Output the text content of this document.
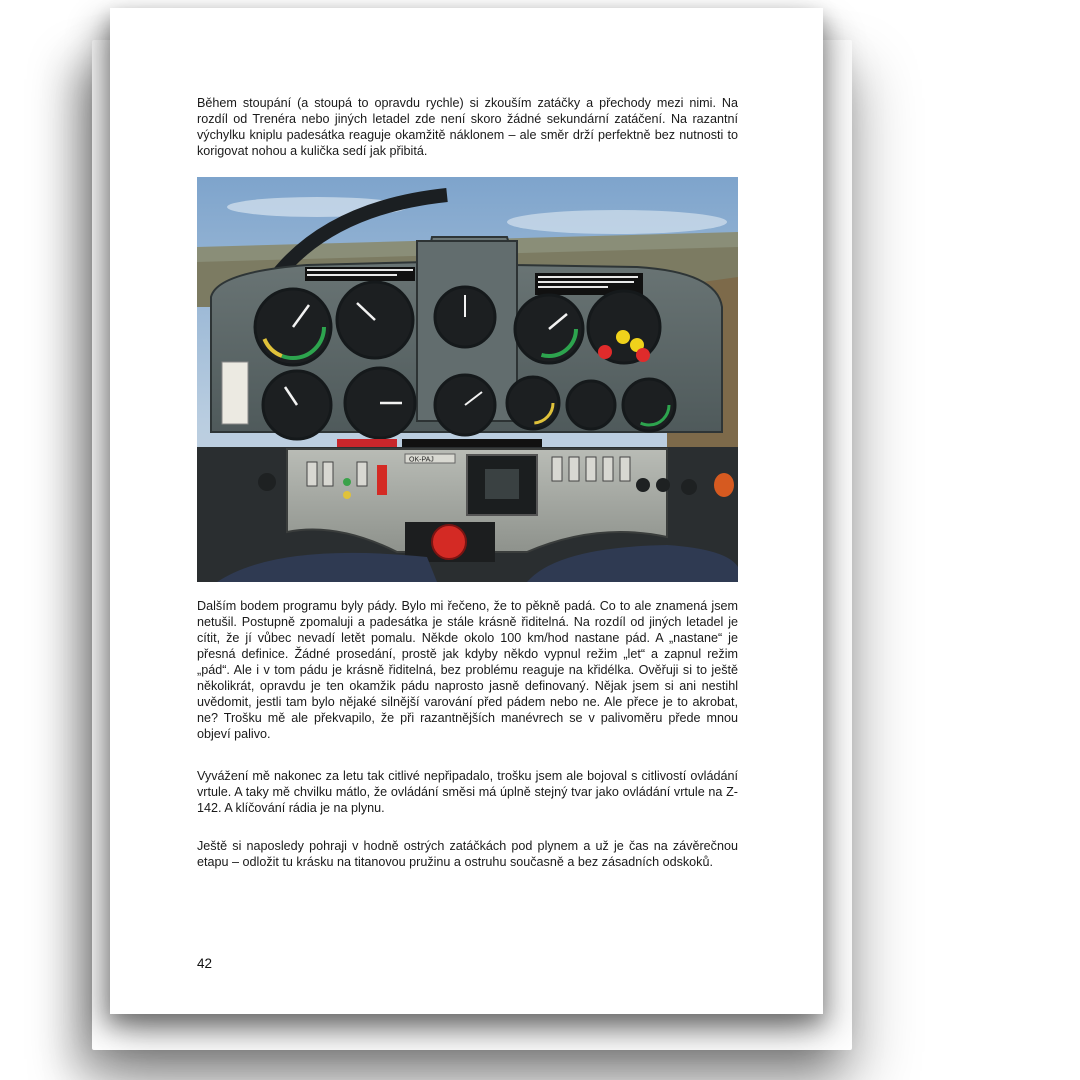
Během stoupání (a stoupá to opravdu rychle) si zkouším zatáčky a přechody mezi nimi. Na rozdíl od Trenéra nebo jiných letadel zde není skoro žádné sekundární zatáčení. Na razantní výchylku kniplu padesátka reaguje okamžitě náklonem – ale směr drží perfektně bez nutnosti to korigovat nohou a kulička sedí jak přibitá.

OK-PAJ

Dalším bodem programu byly pády. Bylo mi řečeno, že to pěkně padá. Co to ale znamená jsem netušil. Postupně zpomaluji a padesátka je stále krásně řiditelná. Na rozdíl od jiných letadel je cítit, že jí vůbec nevadí letět pomalu. Někde okolo 100 km/hod nastane pád. A „nastane“ je přesná definice. Žádné prosedání, prostě jak kdyby někdo vypnul režim „let“ a zapnul režim „pád“. Ale i v tom pádu je krásně řiditelná, bez problému reaguje na křidélka. Ověřuji si to ještě několikrát, opravdu je ten okamžik pádu naprosto jasně definovaný. Nějak jsem si ani nestihl uvědomit, jestli tam bylo nějaké silnější varování před pádem nebo ne. Ale přece je to akrobat, ne? Trošku mě ale překvapilo, že při razantnějších manévrech se v palivoměru přede mnou objeví palivo.

Vyvážení mě nakonec za letu tak citlivé nepřipadalo, trošku jsem ale bojoval s citlivostí ovládání vrtule. A taky mě chvilku mátlo, že ovládání směsi má úplně stejný tvar jako ovládání vrtule na Z-142. A klíčování rádia je na plynu.

Ještě si naposledy pohraji v hodně ostrých zatáčkách pod plynem a už je čas na závěrečnou etapu – odložit tu krásku na titanovou pružinu a ostruhu současně a bez zásadních odskoků.

42
